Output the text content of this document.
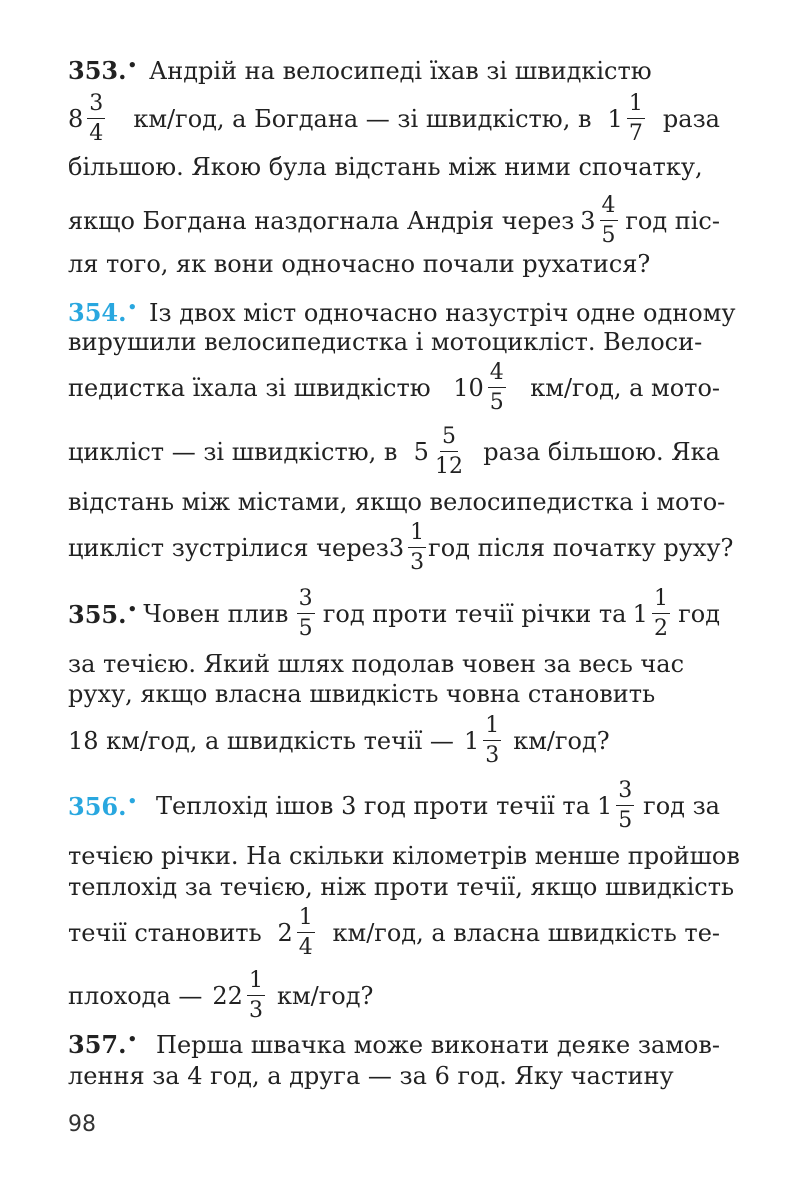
353.• Андрій на велосипеді їхав зі швидкістю
$8 \frac{3}{4} км/год$, а Богдана — зі швидкістю, в $1 \frac{1}{7}$ раза
більшою. Якою була відстань між ними спочатку,
якщо Богдана наздогнала Андрія через $3 \frac{4}{5}$ год піс-
ля того, як вони одночасно почали рухатися?
354.• Із двох міст одночасно назустріч одне одному
вирушили велосипедистка і мотоцикліст. Велоси-
педистка їхала зі швидкістю $10 \frac{4}{5} км/год$, а мото-
цикліст — зі швидкістю, в $5 \frac{5}{12}$ раза більшою. Яка
відстань між містами, якщо велосипедистка і мото-
цикліст зустрілися через $3 \frac{1}{3}$ год після початку руху?
355.• Човен плив $\frac{3}{5}$ год проти течії річки та $1 \frac{1}{2}$ год
за течією. Який шлях подолав човен за весь час
руху, якщо власна швидкість човна становить
18 км/год, а швидкість течії — $1 \frac{1}{3} км/год$?
356.• Теплохід ішов 3 год проти течії та $1 \frac{3}{5}$ год за
течією річки. На скільки кілометрів менше пройшов
теплохід за течією, ніж проти течії, якщо швидкість
течії становить $2 \frac{1}{4} км/год$, а власна швидкість те-
плохода — $22 \frac{1}{3} км/год$?
357.• Перша швачка може виконати деяке замов-
лення за 4 год, а друга — за 6 год. Яку частину
98
